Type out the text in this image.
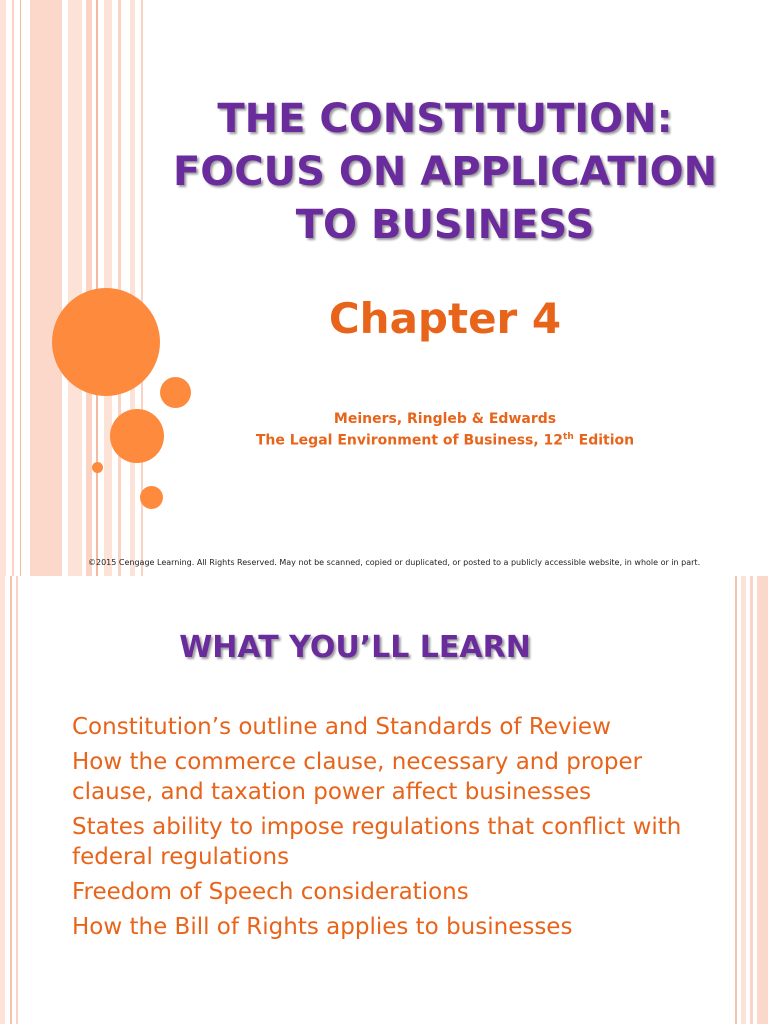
THE CONSTITUTION:
FOCUS ON APPLICATION
TO BUSINESS
Chapter 4
Meiners, Ringleb & Edwards
The Legal Environment of Business, 12th Edition
©2015 Cengage Learning. All Rights Reserved. May not be scanned, copied or duplicated, or posted to a publicly accessible website, in whole or in part.
WHAT YOU’LL LEARN
Constitution’s outline and Standards of Review
How the commerce clause, necessary and proper clause, and taxation power affect businesses
States ability to impose regulations that conflict with federal regulations
Freedom of Speech considerations
How the Bill of Rights applies to businesses
